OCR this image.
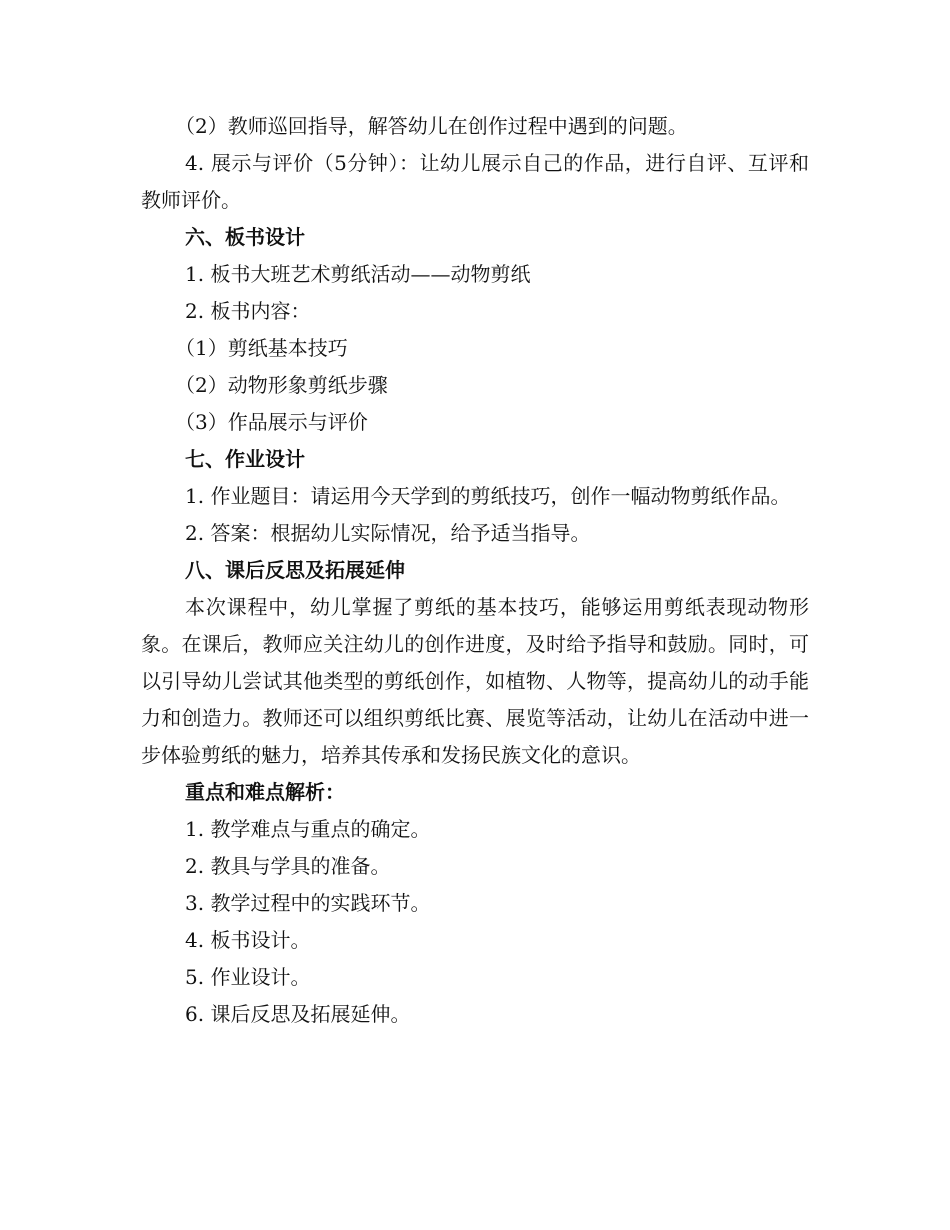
（2）教师巡回指导，解答幼儿在创作过程中遇到的问题。

4. 展示与评价（5分钟）：让幼儿展示自己的作品，进行自评、互评和教师评价。

六、板书设计

1. 板书大班艺术剪纸活动——动物剪纸

2. 板书内容：

（1）剪纸基本技巧

（2）动物形象剪纸步骤

（3）作品展示与评价

七、作业设计

1. 作业题目：请运用今天学到的剪纸技巧，创作一幅动物剪纸作品。

2. 答案：根据幼儿实际情况，给予适当指导。

八、课后反思及拓展延伸

本次课程中，幼儿掌握了剪纸的基本技巧，能够运用剪纸表现动物形象。在课后，教师应关注幼儿的创作进度，及时给予指导和鼓励。同时，可以引导幼儿尝试其他类型的剪纸创作，如植物、人物等，提高幼儿的动手能力和创造力。教师还可以组织剪纸比赛、展览等活动，让幼儿在活动中进一步体验剪纸的魅力，培养其传承和发扬民族文化的意识。

重点和难点解析：

1. 教学难点与重点的确定。

2. 教具与学具的准备。

3. 教学过程中的实践环节。

4. 板书设计。

5. 作业设计。

6. 课后反思及拓展延伸。
